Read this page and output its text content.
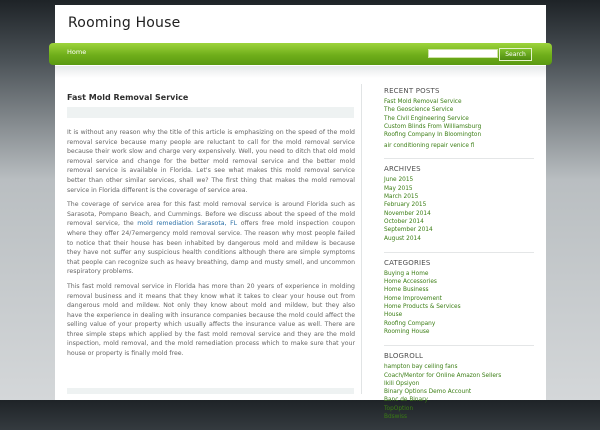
Rooming House
Home	Search
Fast Mold Removal Service

It is without any reason why the title of this article is emphasizing on the speed of the mold removal service because many people are reluctant to call for the mold removal service because their work slow and charge very expensively. Well, you need to ditch that old mold removal service and change for the better mold removal service and the better mold removal service is available in Florida. Let's see what makes this mold removal service better than other similar services, shall we? The first thing that makes the mold removal service in Florida different is the coverage of service area.

The coverage of service area for this fast mold removal service is around Florida such as Sarasota, Pompano Beach, and Cummings. Before we discuss about the speed of the mold removal service, the mold remediation Sarasota, FL offers free mold inspection coupon where they offer 24/7emergency mold removal service. The reason why most people failed to notice that their house has been inhabited by dangerous mold and mildew is because they have not suffer any suspicious health conditions although there are simple symptoms that people can recognize such as heavy breathing, damp and musty smell, and uncommon respiratory problems.

This fast mold removal service in Florida has more than 20 years of experience in molding removal business and it means that they know what it takes to clear your house out from dangerous mold and mildew. Not only they know about mold and mildew, but they also have the experience in dealing with insurance companies because the mold could affect the selling value of your property which usually affects the insurance value as well. There are three simple steps which applied by the fast mold removal service and they are the mold inspection, mold removal, and the mold remediation process which to make sure that your house or property is finally mold free.

RECENT POSTS
Fast Mold Removal Service
The Geoscience Service
The Civil Engineering Service
Custom Blinds From Williamsburg
Roofing Company In Bloomington
air conditioning repair venice fl
ARCHIVES
June 2015
May 2015
March 2015
February 2015
November 2014
October 2014
September 2014
August 2014
CATEGORIES
Buying a Home
Home Accessories
Home Business
Home Improvement
Home Products & Services
House
Roofing Company
Rooming House
BLOGROLL
hampton bay ceiling fans
Coach/Mentor for Online Amazon Sellers
Ikili Opsiyon
Binary Options Demo Account
Banc de Binary
TopOption
Bdswiss
